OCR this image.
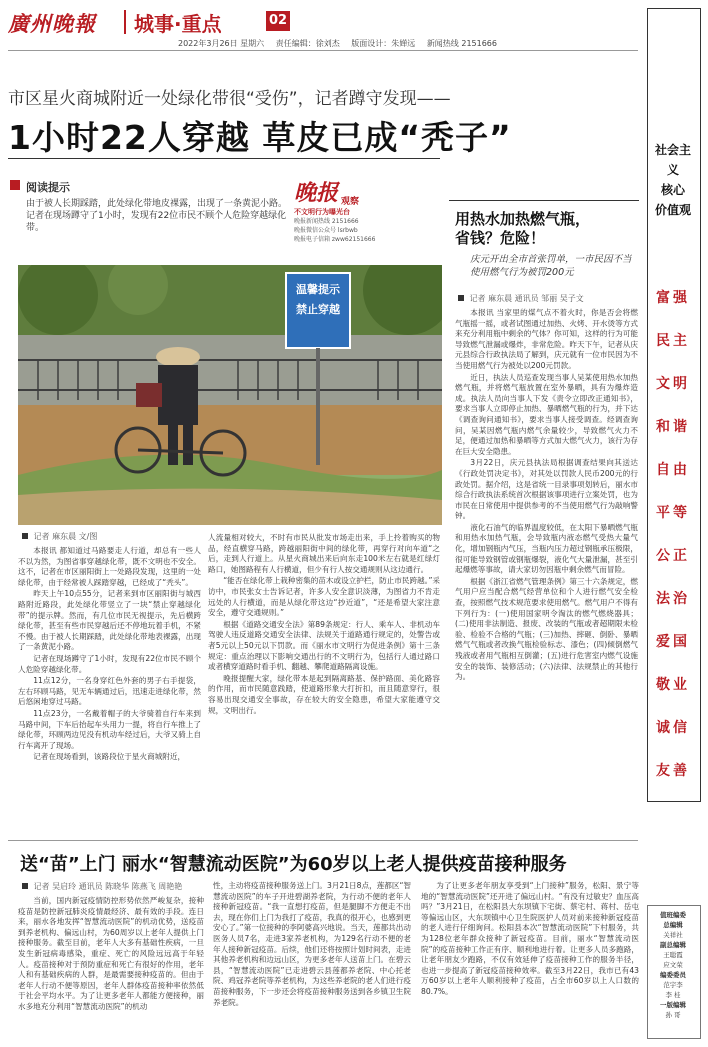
廣州晚報 城事·重点	02
2022年3月26日 星期六 责任编辑：徐刘杰 版面设计：朱婵远 新闻热线 2151666
市区星火商城附近一处绿化带很“受伤”，记者蹲守发现——
1小时22人穿越 草皮已成“秃子”
阅读提示
由于被人长期踩踏，此处绿化带地皮裸露，出现了一条黄泥小路。记者在现场蹲守了1小时，发现有22位市民不顾个人危险穿越绿化带。
晚报 观察
不文明行为曝光台
晚报新闻热线 2151666
晚报微信公众号 lsrbwb
晚报电子信箱 zww62151666
温馨提示
禁止穿越
记者 麻东晨 文/图

本报讯 都知道过马路要走人行道，却总有一些人不以为然，为图省事穿越绿化带，既不文明也不安全。这不，记者在市区丽阳街上一处路段发现，这里的一处绿化带，由于经常被人踩踏穿越，已经成了“秃头”。

昨天上午10点55分，记者来到市区丽阳街与城西路附近路段，此处绿化带竖立了一块“禁止穿越绿化带”的提示牌。然而，有几位市民无视提示，先后横跨绿化带，甚至有些市民穿越后还不停地玩着手机，不紧不慢。由于被人长期踩踏，此处绿化带地表裸露，出现了一条黄泥小路。

记者在现场蹲守了1小时，发现有22位市民不顾个人危险穿越绿化带。

11点12分，一名身穿红色外套的男子右手提袋，左右环顾马路，见无车辆通过后，迅速走进绿化带，然后悠闲地穿过马路。

11点23分，一名戴着帽子的大爷骑着自行车来到马路中间，下车后抬起车头用力一提，将自行车推上了绿化带，环顾两边见没有机动车经过后，大爷又骑上自行车离开了现场。

记者在现场看到，该路段位于星火商城附近，

人流量相对较大，不时有市民从批发市场走出来，手上拎着购买的物品，经直横穿马路，跨越丽阳街中间的绿化带，再穿行对向车道“之后，走到人行道上。从星火商城出来后向东走100米左右就是红绿灯路口，她图路程有人行横道，但少有行人按交通规则从这边通行。

“能否在绿化带上栽种密集的苗木或设立护栏，防止市民跨越。”采访中，市民张女士告诉记者，许多人安全意识淡薄，为图省力不肯走远处的人行横道，而是从绿化带这边“抄近道”，“还是希望大家注意安全，遵守交通规则。”

根据《道路交通安全法》第89条规定：行人、乘车人、非机动车驾驶人违反道路交通安全法律、法规关于道路通行规定的，处警告或者5元以上50元以下罚款。而《丽水市文明行为促进条例》第十三条规定：重点治理以下影响交通出行的不文明行为，包括行人通过路口或者横穿道路时看手机、翻越、攀爬道路隔离设施。

晚报提醒大家，绿化带本是起到隔离路基、保护路面、美化路容的作用，而市民随意践踏，使道路形象大打折扣，而且随意穿行，很容易出现交通安全事故，存在较大的安全隐患，希望大家能遵守交规，文明出行。

用热水加热燃气瓶，
省钱？危险！
庆元开出全市首张罚单，一市民因不当使用燃气行为被罚200元
记者 麻东晨 通讯员 邹丽 吴子文

本报讯 当家里的煤气点不着火时，你是否会将燃气瓶摇一摇，或者试图通过加热、火烤、开水烫等方式来充分利用瓶中剩余的气体？你可知，这样的行为可能导致燃气泄漏或爆炸，非常危险。昨天下午，记者从庆元县综合行政执法局了解到，庆元就有一位市民因为不当使用燃气行为被处以200元罚款。

近日，执法人员巡查发现当事人吴某使用热水加热燃气瓶，并将燃气瓶放置在室外暴晒，具有为爆炸造成。执法人员向当事人下发《责令立即改正通知书》，要求当事人立即停止加热、暴晒燃气瓶的行为，并下达《调查询问通知书》，要求当事人接受调查。经调查询问，吴某因燃气瓶内燃气余量较少，导致燃气火力不足，便通过加热和暴晒等方式加大燃气火力，该行为存在巨大安全隐患。

3月22日，庆元县执法局根据调查结果向其送达《行政处罚决定书》，对其处以罚款人民币200元的行政处罚。据介绍，这是省统一目录事项划转后，丽水市综合行政执法系统首次根据该事项进行立案处罚，也为市民在日常使用中提供参考的不当使用燃气行为敲响警钟。

液化石油气的临界温度较低，在太阳下暴晒燃气瓶和用热水加热气瓶，会导致瓶内液态燃气受热大量气化，增加钢瓶内气压，当瓶内压力超过钢瓶承压极限，很可能导致钢管或钢瓶爆裂，液化气大量泄漏，甚至引起爆燃等事故，请大家切勿因瓶中剩余燃气而冒险。

根据《浙江省燃气管理条例》第三十六条规定，燃气用户应当配合燃气经营单位和个人进行燃气安全检查，按照燃气技术规范要求使用燃气。燃气用户不得有下列行为：(一)使用国家明令淘汰的燃气燃烧器具；(二)使用非法制造、报废、改装的气瓶或者超期限未检验、检验不合格的气瓶；(三)加热、摔砸、倒卧、暴晒燃气气瓶或者改换气瓶检验标志、漆色；(四)倾倒燃气残液或者用气瓶相互倒灌；(五)进行危害室内燃气设施安全的装饰、装修活动；(六)法律、法规禁止的其他行为。

社会主义
核心
价值观
富强
民主
文明
和谐
自由
平等
公正
法治
爱国
敬业
诚信
友善
送“苗”上门 丽水“智慧流动医院”为60岁以上老人提供疫苗接种服务
记者 吴启玲 通讯员 陈晓华 陈燕飞 周艳艳
当前，国内新冠疫情防控形势依然严峻复杂，接种疫苗是防控新冠肺炎疫情最经济、最有效的手段。连日来，丽水各地发挥“智慧流动医院”的机动优势，送疫苗到养老机构、偏远山村，为60周岁以上老年人提供上门接种服务。截至目前，老年人大多有基础性疾病，一旦发生新冠病毒感染，重症、死亡的风险远远高于年轻人。疫苗接种对于预防重症和死亡有很好的作用，老年人和有基础疾病的人群，是最需要接种疫苗的。但由于老年人行动不便等原因，老年人群体疫苗接种率依然低于社会平均水平。为了让更多老年人都能方便接种，丽水多地充分利用“智慧流动医院”的机动
性，主动将疫苗接种服务送上门。3月21日8点，莲都区“智慧流动医院”的车子开进碧湖养老院，为行动不便的老年人接种新冠疫苗。“我一直想打疫苗，但是腿脚不方便走不出去，现在你们上门为我打了疫苗，我真的很开心，也感到更安心了。”第一位接种的李阿婆高兴地说。当天，莲都共出动医务人员7名，走进3家养老机构，为129名行动不便的老年人接种新冠疫苗。后续，他们还将按照计划时间表，走进其他养老机构和边远山区，为更多老年人送苗上门。在碧云县，“智慧流动医院”已走进碧云县莲都养老院、中心托老院、鸡冠养老院等养老机构，为这些养老院的老人们进行疫苗接种服务，下一步还会将疫苗接种服务送到各乡镇卫生院养老院。
为了让更多老年朋友享受到“上门接种”服务，松阳、景宁等地的“智慧流动医院”还开进了偏远山村。“有没有过敏史？血压高吗？”3月21日，在松阳县大东坝镇下宅街、蔡宅村、蒋村、岳屯等偏远山区，大东坝镇中心卫生院医护人员对前来接种新冠疫苗的老人进行仔细询问。松阳县本次“智慧流动医院”下村服务，共为128位老年群众接种了新冠疫苗。目前，丽水“智慧流动医院”的疫苗接种工作正有序、顺利地进行着。让更多人员多跑路，让老年朋友少跑路，不仅有效延伸了疫苗接种工作的服务半径，也进一步提高了新冠疫苗接种效率。截至3月22日，我市已有43万60岁以上老年人顺利接种了疫苗，占全市60岁以上人口数的80.7%。
值班编委
总编辑
关祥社
副总编辑
王聪霞
应文荣
编委委员
范宇李
李 桂
一版编辑
孙 哥
